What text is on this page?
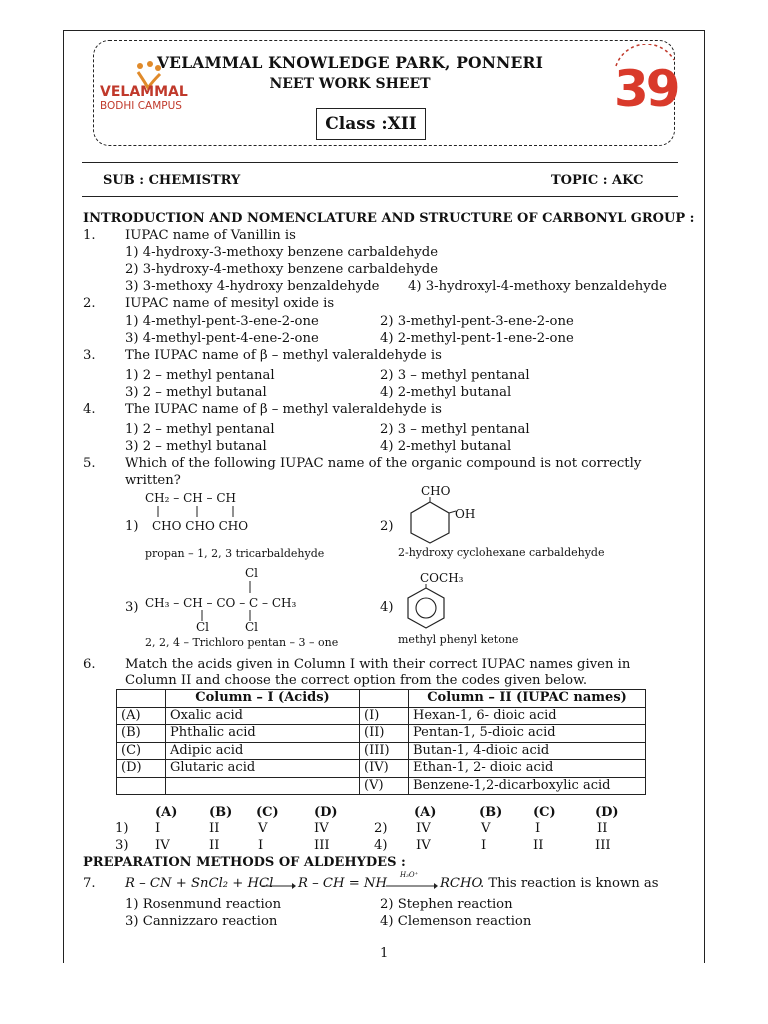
VELAMMAL
BODHI CAMPUS
VELAMMAL KNOWLEDGE PARK, PONNERI
NEET WORK SHEET
Class :XII
39
SUB : CHEMISTRY	TOPIC : AKC
INTRODUCTION AND NOMENCLATURE AND STRUCTURE OF CARBONYL GROUP :
1. IUPAC name of Vanillin is
1) 4-hydroxy-3-methoxy benzene carbaldehyde
2) 3-hydroxy-4-methoxy benzene carbaldehyde
3) 3-methoxy 4-hydroxy benzaldehyde 4) 3-hydroxyl-4-methoxy benzaldehyde
2. IUPAC name of mesityl oxide is
1) 4-methyl-pent-3-ene-2-one	2) 3-methyl-pent-3-ene-2-one
3) 4-methyl-pent-4-ene-2-one	4) 2-methyl-pent-1-ene-2-one
3. The IUPAC name of β – methyl valeraldehyde is
1) 2 – methyl pentanal	2) 3 – methyl pentanal
3) 2 – methyl butanal	4) 2-methyl butanal
4. The IUPAC name of β – methyl valeraldehyde is
1) 2 – methyl pentanal	2) 3 – methyl pentanal
3) 2 – methyl butanal	4) 2-methyl butanal
5. Which of the following IUPAC name of the organic compound is not correctly
written?
CH₂ – CH – CH
1) CHO CHO CHO
propan – 1, 2, 3 tricarbaldehyde
2)
CHO
OH
2-hydroxy cyclohexane carbaldehyde
Cl
3) CH₃ – CH – CO – C – CH₃
Cl	Cl
2, 2, 4 – Trichloro pentan – 3 – one
4)
COCH₃
methyl phenyl ketone
6. Match the acids given in Column I with their correct IUPAC names given in
Column II and choose the correct option from the codes given below.
	Column – I (Acids)		Column – II (IUPAC names)
(A)	Oxalic acid	(I)	Hexan-1, 6- dioic acid
(B)	Phthalic acid	(II)	Pentan-1, 5-dioic acid
(C)	Adipic acid	(III)	Butan-1, 4-dioic acid
(D)	Glutaric acid	(IV)	Ethan-1, 2- dioic acid
		(V)	Benzene-1,2-dicarboxylic acid
(A) (B) (C)	(D)	(A)	(B) (C)	(D)
1) I	II	V	IV	2) IV	V	I	II
3) IV	II	I	III	4) IV	I	II	III
PREPARATION METHODS OF ALDEHYDES :
7. R – CN + SnCl₂ + HCl → R – CH = NH
H₃O⁺
→ RCHO
. This reaction is known as
1) Rosenmund reaction	2) Stephen reaction
3) Cannizzaro reaction	4) Clemenson reaction
1
